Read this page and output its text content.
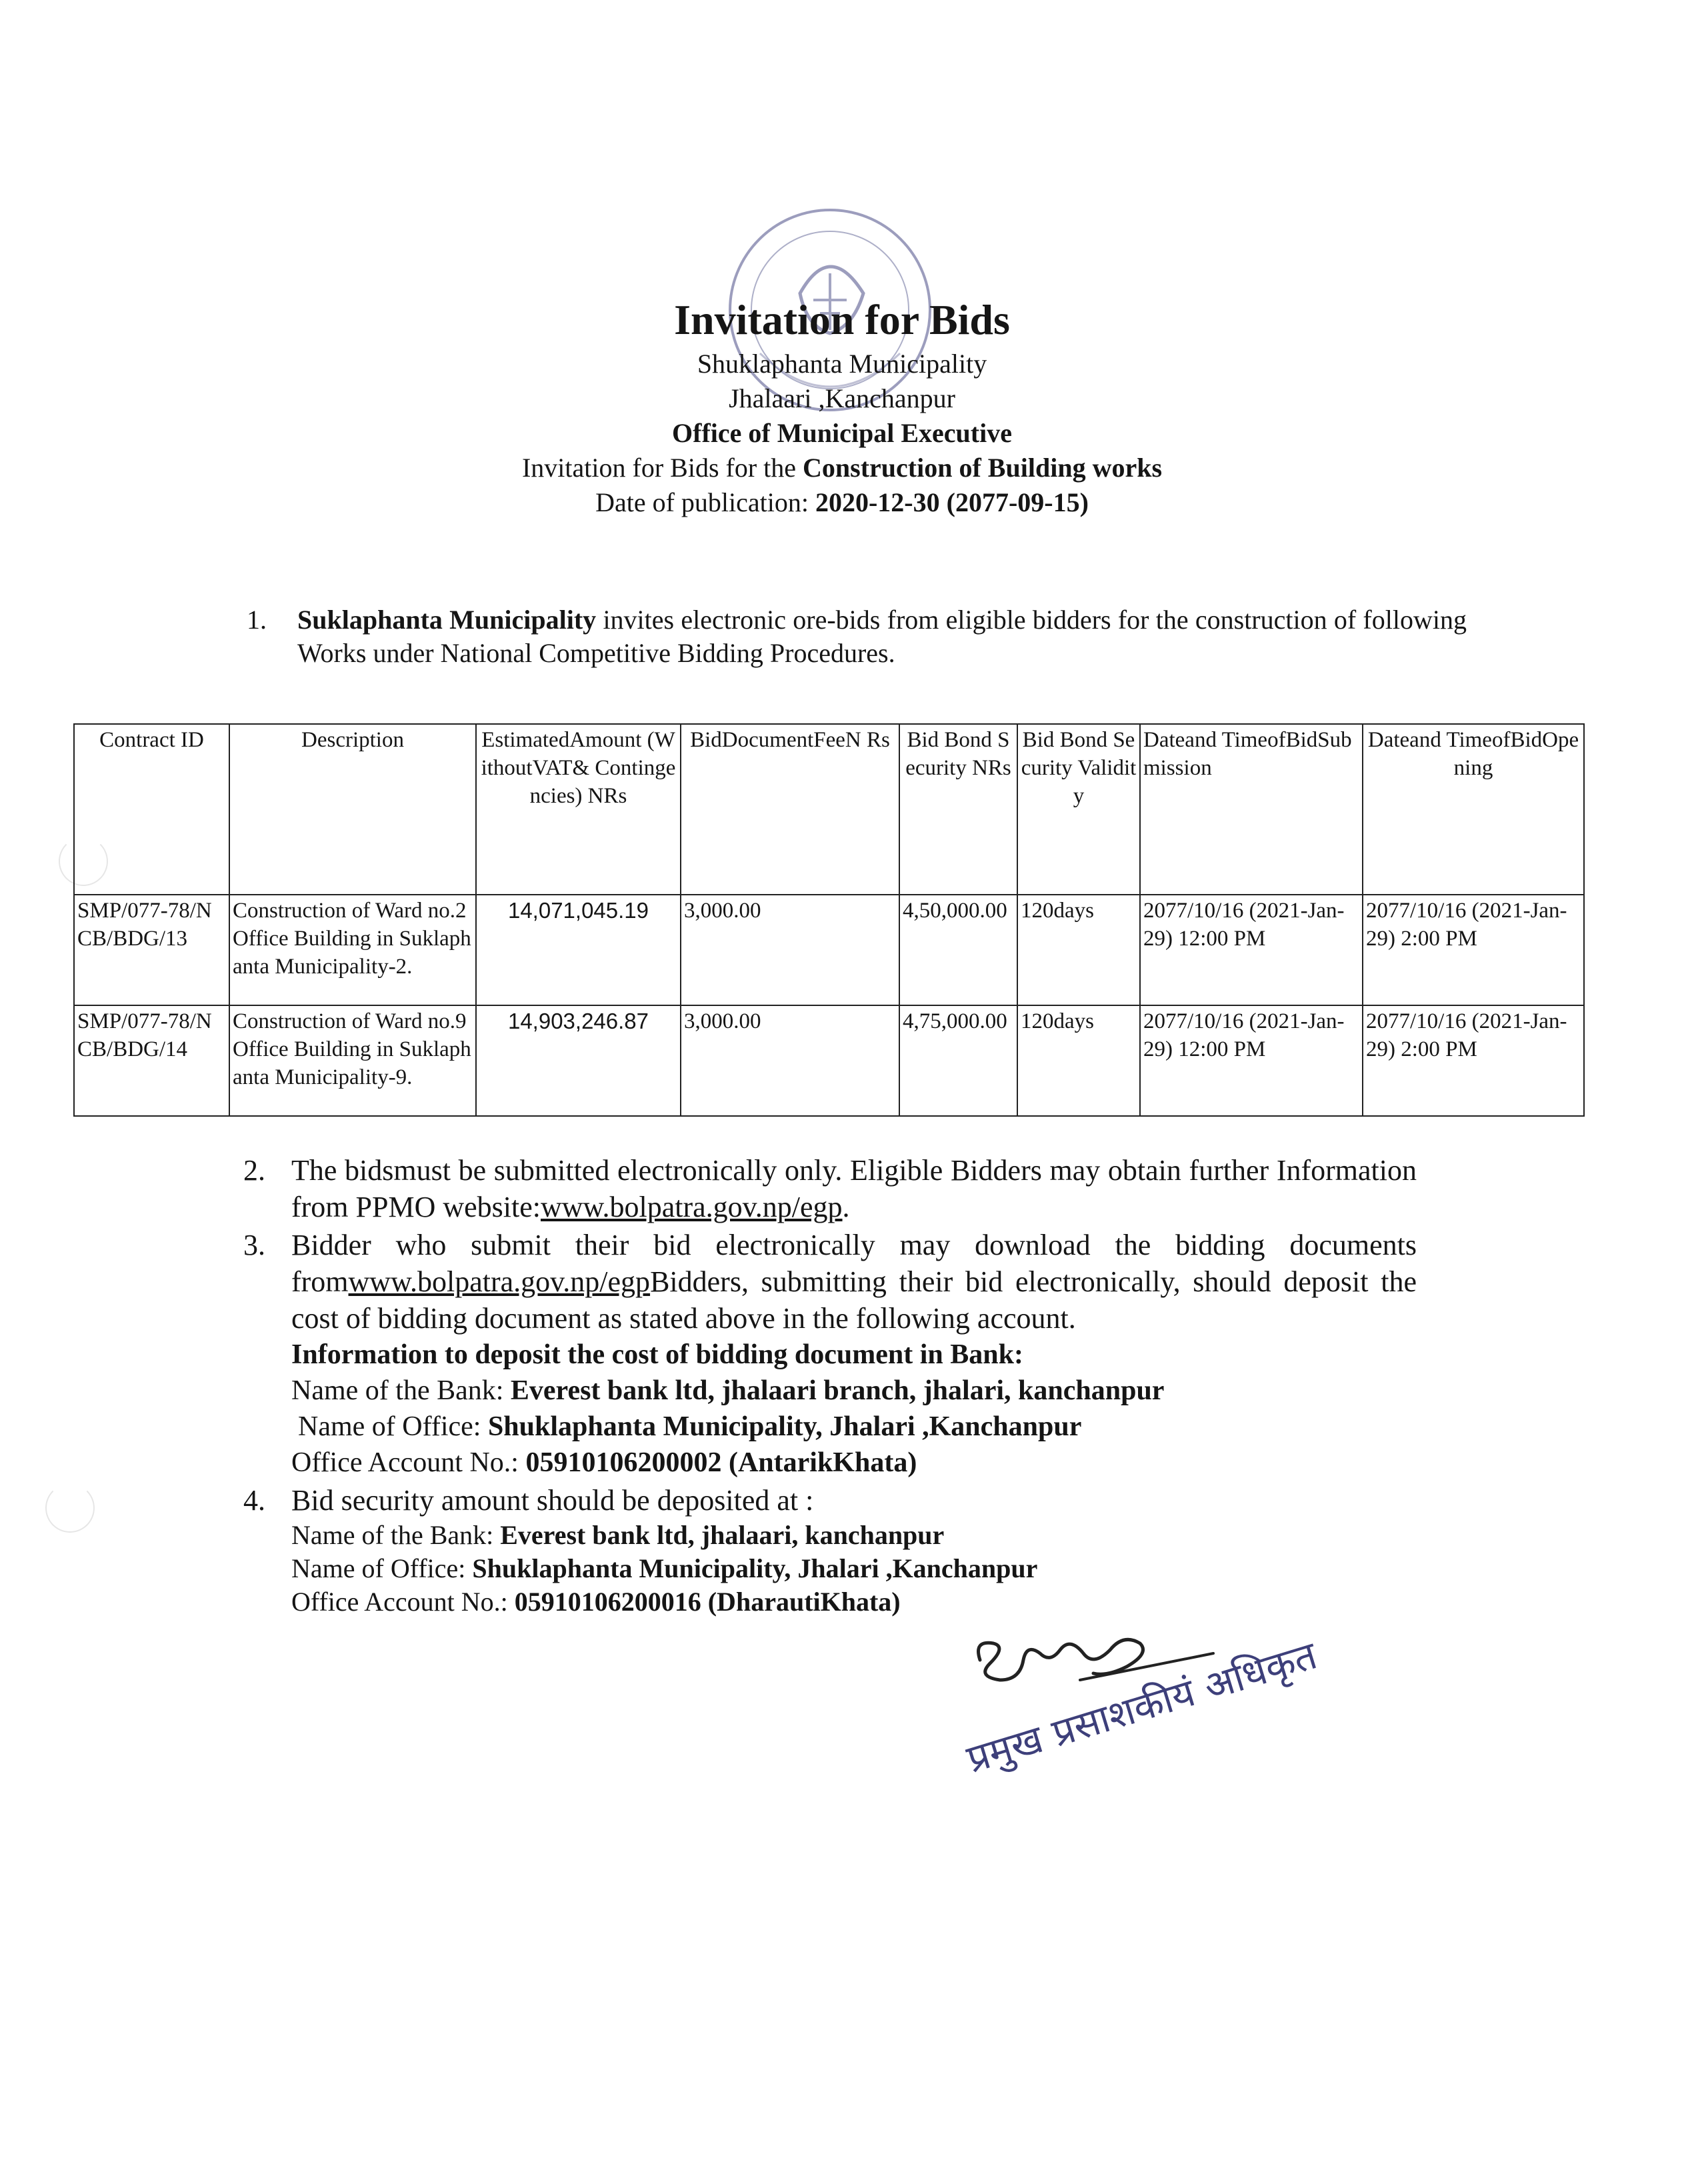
Invitation for Bids
Shuklaphanta Municipality
Jhalaari ,Kanchanpur
Office of Municipal Executive
Invitation for Bids for the Construction of Building works
Date of publication: 2020-12-30 (2077-09-15)
1. Suklaphanta Municipality invites electronic ore-bids from eligible bidders for the construction of following Works under National Competitive Bidding Procedures.
Contract ID	Description	EstimatedAmount (WithoutVAT& Contingencies) NRs	BidDocumentFeeN Rs	Bid Bond Security NRs	Bid Bond Security Validity	Dateand TimeofBidSubmission	Dateand TimeofBidOpening
SMP/077-78/NCB/BDG/13	Construction of Ward no.2 Office Building in Suklaphanta Municipality-2.	14,071,045.19	3,000.00	4,50,000.00	120days	2077/10/16 (2021-Jan- 29) 12:00 PM	2077/10/16 (2021-Jan- 29) 2:00 PM
SMP/077-78/NCB/BDG/14	Construction of Ward no.9 Office Building in Suklaphanta Municipality-9.	14,903,246.87	3,000.00	4,75,000.00	120days	2077/10/16 (2021-Jan- 29) 12:00 PM	2077/10/16 (2021-Jan- 29) 2:00 PM
2. The bidsmust be submitted electronically only. Eligible Bidders may obtain further Information from PPMO website:www.bolpatra.gov.np/egp.
3. Bidder who submit their bid electronically may download the bidding documents fromwww.bolpatra.gov.np/egpBidders, submitting their bid electronically, should deposit the cost of bidding document as stated above in the following account.
Information to deposit the cost of bidding document in Bank:
Name of the Bank: Everest bank ltd, jhalaari branch, jhalari, kanchanpur
Name of Office: Shuklaphanta Municipality, Jhalari ,Kanchanpur
Office Account No.: 05910106200002 (AntarikKhata)
4. Bid security amount should be deposited at :
Name of the Bank: Everest bank ltd, jhalaari, kanchanpur
Name of Office: Shuklaphanta Municipality, Jhalari ,Kanchanpur
Office Account No.: 05910106200016 (DharautiKhata)
प्रमुख प्रसाशकीयं अधिकृत
